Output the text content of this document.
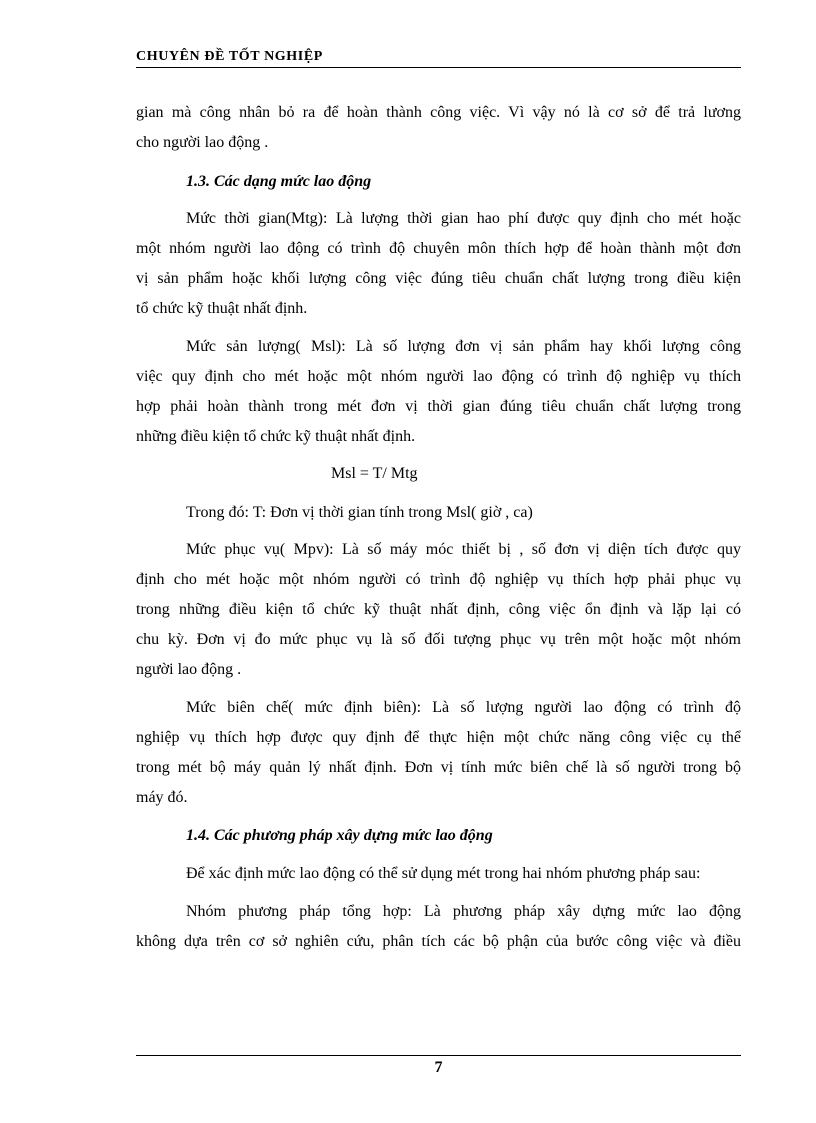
CHUYÊN ĐỀ TỐT NGHIỆP
gian mà công nhân bỏ ra để hoàn thành công việc. Vì vậy nó là cơ sở để trả lương
cho người lao động .
1.3. Các dạng mức lao động
Mức thời gian(Mtg): Là lượng thời gian hao phí được quy định cho mét hoặc
một nhóm người lao động có trình độ chuyên môn thích hợp để hoàn thành một đơn
vị sản phẩm hoặc khối lượng công việc đúng tiêu chuẩn chất lượng trong điều kiện
tổ chức kỹ thuật nhất định.
Mức sản lượng( Msl): Là số lượng đơn vị sản phẩm hay khối lượng công
việc quy định cho mét hoặc một nhóm người lao động có trình độ nghiệp vụ thích
hợp phải hoàn thành trong mét đơn vị thời gian đúng tiêu chuẩn chất lượng trong
những điều kiện tổ chức kỹ thuật nhất định.
Msl = T/ Mtg
Trong đó: T: Đơn vị thời gian tính trong Msl( giờ , ca)
Mức phục vụ( Mpv): Là số máy móc thiết bị , số đơn vị diện tích được quy
định cho mét hoặc một nhóm người có trình độ nghiệp vụ thích hợp phải phục vụ
trong những điều kiện tổ chức kỹ thuật nhất định, công việc ổn định và lặp lại có
chu kỳ. Đơn vị đo mức phục vụ là số đối tượng phục vụ trên một hoặc một nhóm
người lao động .
Mức biên chế( mức định biên): Là số lượng người lao động có trình độ
nghiệp vụ thích hợp được quy định để thực hiện một chức năng công việc cụ thể
trong mét bộ máy quản lý nhất định. Đơn vị tính mức biên chế là số người trong bộ
máy đó.
1.4. Các phương pháp xây dựng mức lao động
Để xác định mức lao động có thể sử dụng mét trong hai nhóm phương pháp sau:
Nhóm phương pháp tổng hợp: Là phương pháp xây dựng mức lao động
không dựa trên cơ sở nghiên cứu, phân tích các bộ phận của bước công việc và điều
7
